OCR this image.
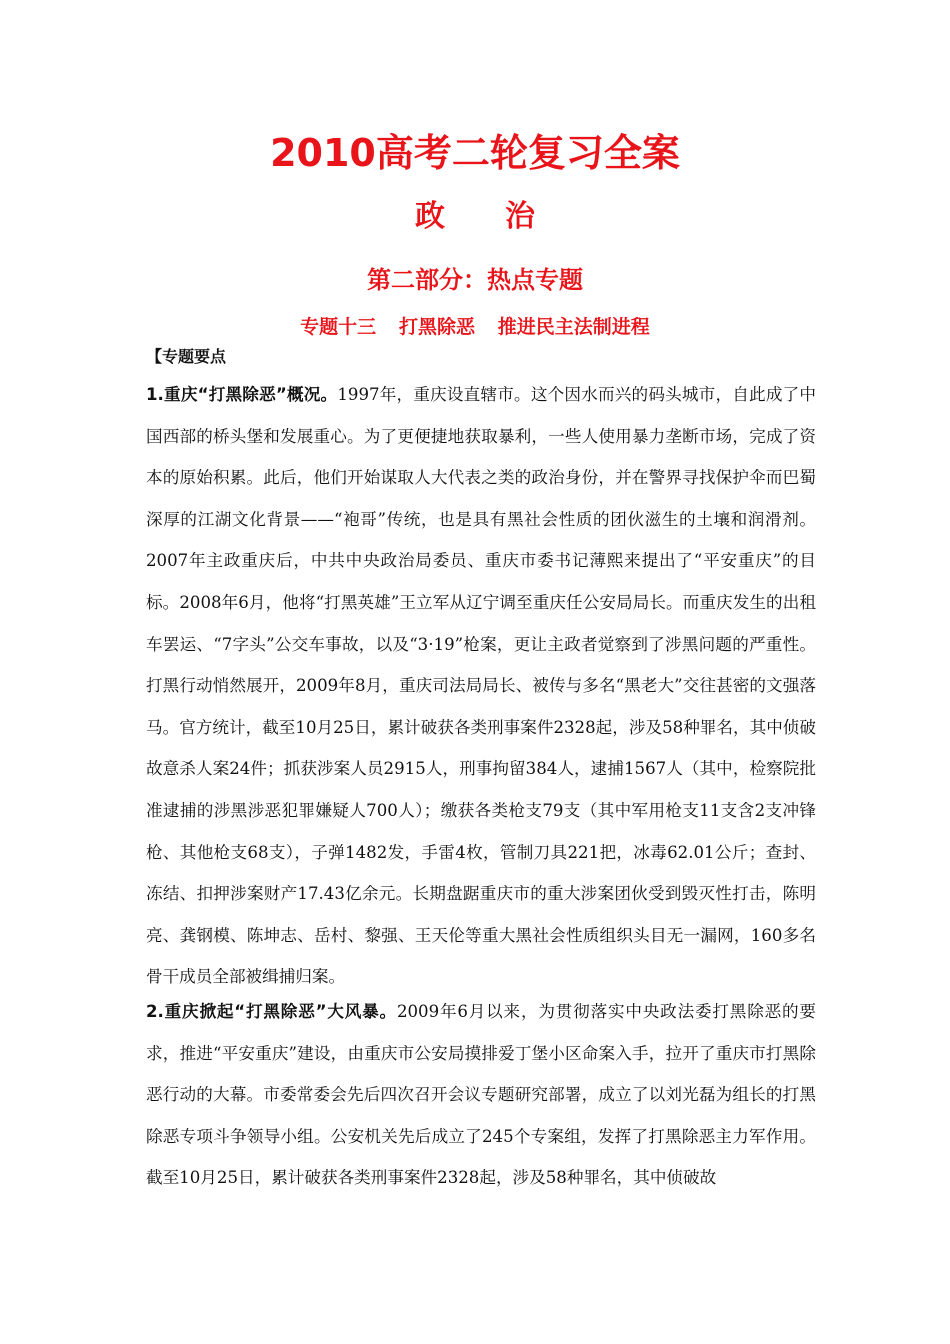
2010高考二轮复习全案
政 治
第二部分：热点专题
专题十三 打黑除恶 推进民主法制进程

【专题要点

1.重庆“打黑除恶”概况。1997年，重庆设直辖市。这个因水而兴的码头城市，自此成了中国西部的桥头堡和发展重心。为了更便捷地获取暴利，一些人使用暴力垄断市场，完成了资本的原始积累。此后，他们开始谋取人大代表之类的政治身份，并在警界寻找保护伞而巴蜀深厚的江湖文化背景——“袍哥”传统，也是具有黑社会性质的团伙滋生的土壤和润滑剂。2007年主政重庆后，中共中央政治局委员、重庆市委书记薄熙来提出了“平安重庆”的目标。2008年6月，他将“打黑英雄”王立军从辽宁调至重庆任公安局局长。而重庆发生的出租车罢运、“7字头”公交车事故，以及“3·19”枪案，更让主政者觉察到了涉黑问题的严重性。打黑行动悄然展开，2009年8月，重庆司法局局长、被传与多名“黑老大”交往甚密的文强落马。官方统计，截至10月25日，累计破获各类刑事案件2328起，涉及58种罪名，其中侦破故意杀人案24件；抓获涉案人员2915人，刑事拘留384人，逮捕1567人（其中，检察院批准逮捕的涉黑涉恶犯罪嫌疑人700人）；缴获各类枪支79支（其中军用枪支11支含2支冲锋枪、其他枪支68支），子弹1482发，手雷4枚，管制刀具221把，冰毒62.01公斤；查封、冻结、扣押涉案财产17.43亿余元。长期盘踞重庆市的重大涉案团伙受到毁灭性打击，陈明亮、龚钢模、陈坤志、岳村、黎强、王天伦等重大黑社会性质组织头目无一漏网，160多名骨干成员全部被缉捕归案。

2.重庆掀起“打黑除恶”大风暴。2009年6月以来，为贯彻落实中央政法委打黑除恶的要求，推进“平安重庆”建设，由重庆市公安局摸排爱丁堡小区命案入手，拉开了重庆市打黑除恶行动的大幕。市委常委会先后四次召开会议专题研究部署，成立了以刘光磊为组长的打黑除恶专项斗争领导小组。公安机关先后成立了245个专案组，发挥了打黑除恶主力军作用。截至10月25日，累计破获各类刑事案件2328起，涉及58种罪名，其中侦破故
